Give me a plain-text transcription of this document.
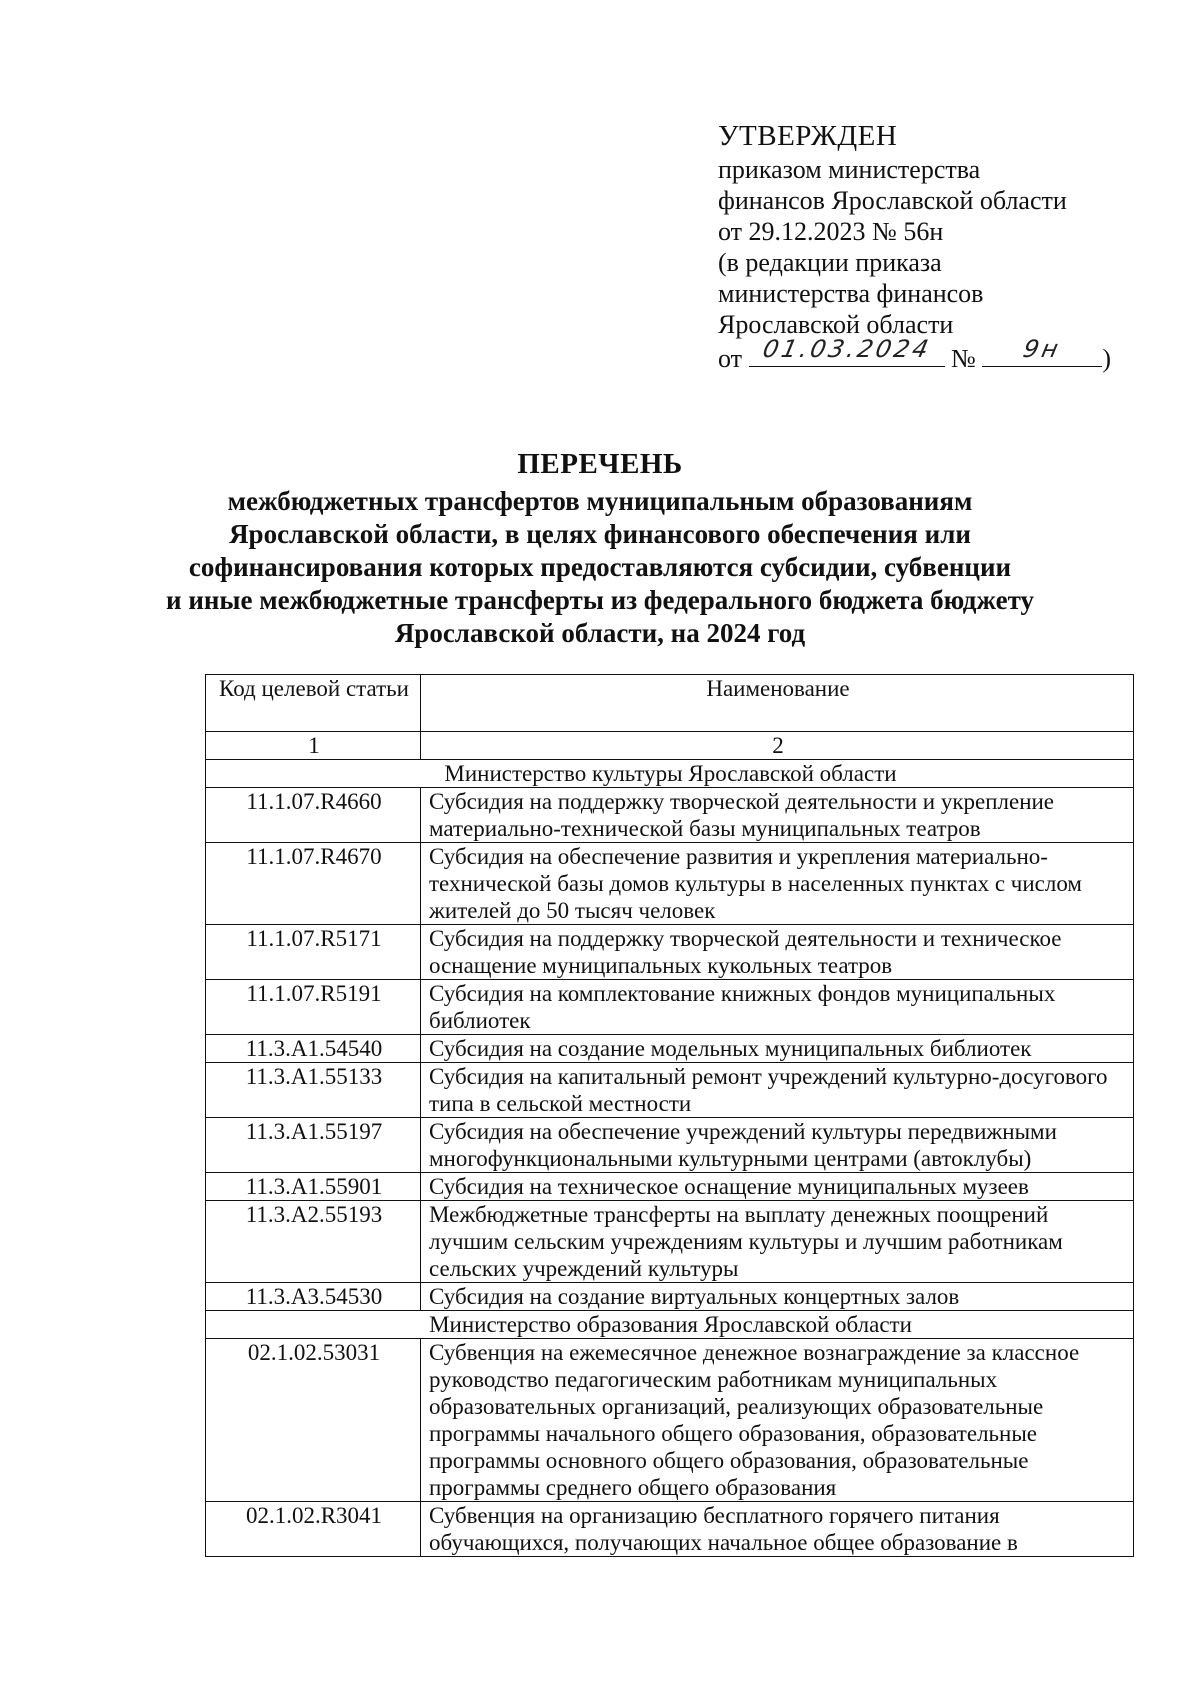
УТВЕРЖДЕН
приказом министерства
финансов Ярославской области
от 29.12.2023 № 56н
(в редакции приказа
министерства финансов
Ярославской области
от 01.03.2024 №	9н	)
ПЕРЕЧЕНЬ
межбюджетных трансфертов муниципальным образованиям
Ярославской области, в целях финансового обеспечения или
софинансирования которых предоставляются субсидии, субвенции
и иные межбюджетные трансферты из федерального бюджета бюджету
Ярославской области, на 2024 год
Код целевой статьи	Наименование
1	2
Министерство культуры Ярославской области	
11.1.07.R4660	Субсидия на поддержку творческой деятельности и укрепление материально-технической базы муниципальных театров
11.1.07.R4670	Субсидия на обеспечение развития и укрепления материально-технической базы домов культуры в населенных пунктах с числом жителей до 50 тысяч человек
11.1.07.R5171	Субсидия на поддержку творческой деятельности и техническое оснащение муниципальных кукольных театров
11.1.07.R5191	Субсидия на комплектование книжных фондов муниципальных библиотек
11.3.A1.54540	Субсидия на создание модельных муниципальных библиотек
11.3.A1.55133	Субсидия на капитальный ремонт учреждений культурно-досугового типа в сельской местности
11.3.A1.55197	Субсидия на обеспечение учреждений культуры передвижными многофункциональными культурными центрами (автоклубы)
11.3.A1.55901	Субсидия на техническое оснащение муниципальных музеев
11.3.A2.55193	Межбюджетные трансферты на выплату денежных поощрений лучшим сельским учреждениям культуры и лучшим работникам сельских учреждений культуры
11.3.A3.54530	Субсидия на создание виртуальных концертных залов
Министерство образования Ярославской области	
02.1.02.53031	Субвенция на ежемесячное денежное вознаграждение за классное руководство педагогическим работникам муниципальных образовательных организаций, реализующих образовательные программы начального общего образования, образовательные программы основного общего образования, образовательные программы среднего общего образования
02.1.02.R3041	Субвенция на организацию бесплатного горячего питания обучающихся, получающих начальное общее образование в
